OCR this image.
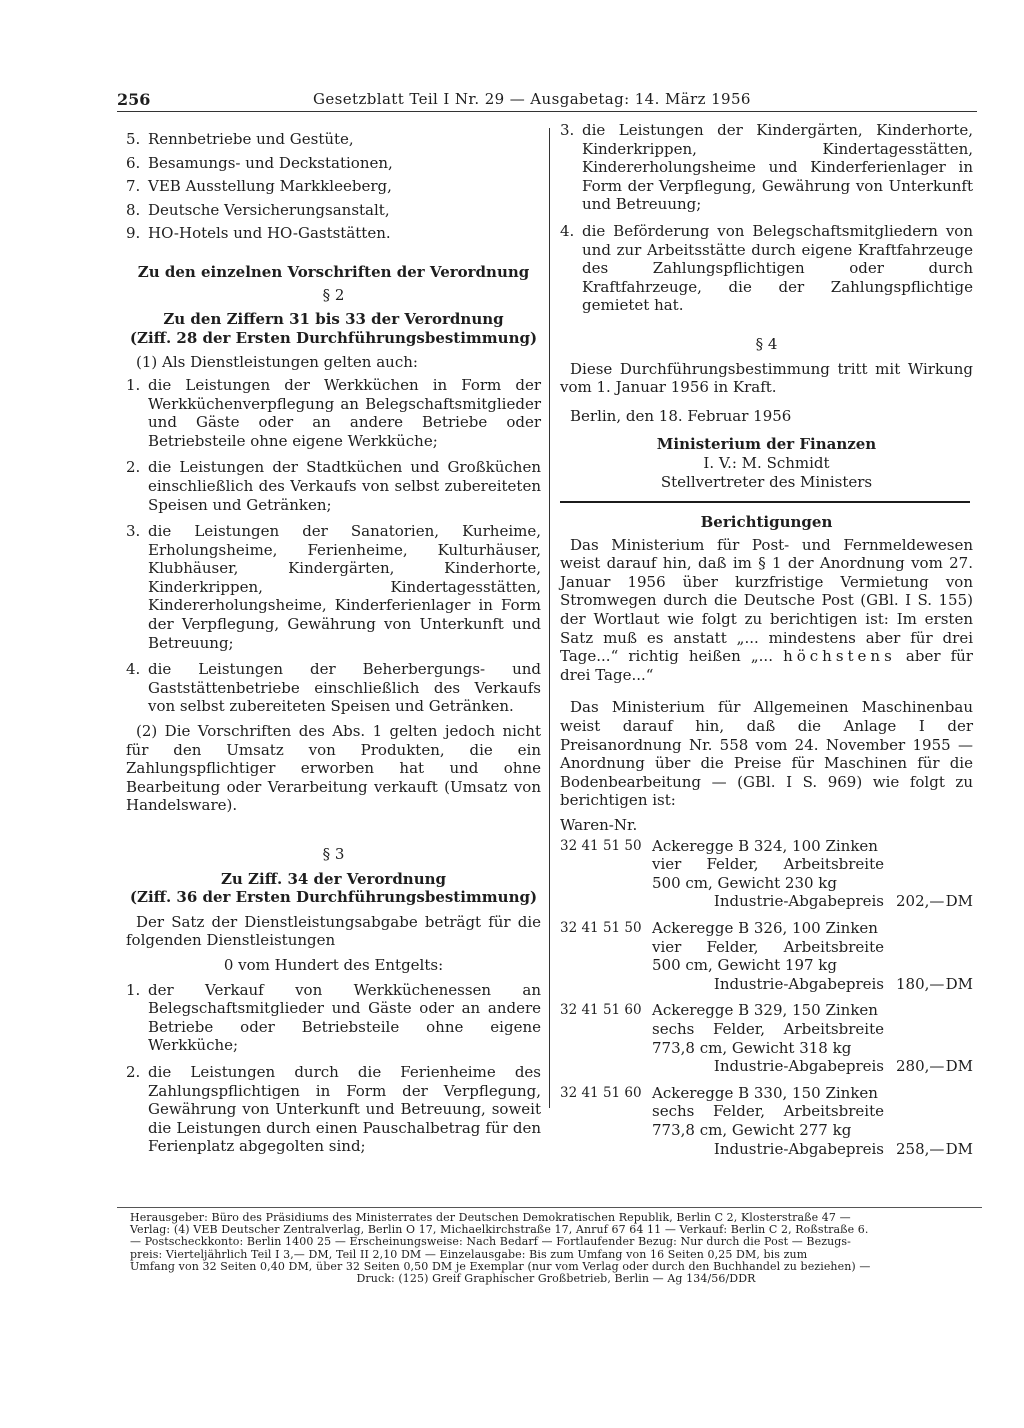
256	Gesetzblatt Teil I Nr. 29 — Ausgabetag: 14. März 1956
5. Rennbetriebe und Gestüte,
6. Besamungs- und Deckstationen,
7. VEB Ausstellung Markkleeberg,
8. Deutsche Versicherungsanstalt,
9. HO-Hotels und HO-Gaststätten.
Zu den einzelnen Vorschriften der Verordnung
§ 2
Zu den Ziffern 31 bis 33 der Verordnung
(Ziff. 28 der Ersten Durchführungsbestimmung)
(1) Als Dienstleistungen gelten auch:
1. die Leistungen der Werkküchen in Form der Werkküchenverpflegung an Belegschaftsmitglieder und Gäste oder an andere Betriebe oder Betriebsteile ohne eigene Werkküche;
2. die Leistungen der Stadtküchen und Großküchen einschließlich des Verkaufs von selbst zubereiteten Speisen und Getränken;
3. die Leistungen der Sanatorien, Kurheime, Erholungsheime, Ferienheime, Kulturhäuser, Klubhäuser, Kindergärten, Kinderhorte, Kinderkrippen, Kindertagesstätten, Kindererholungsheime, Kinderferienlager in Form der Verpflegung, Gewährung von Unterkunft und Betreuung;
4. die Leistungen der Beherbergungs- und Gaststättenbetriebe einschließlich des Verkaufs von selbst zubereiteten Speisen und Getränken.
(2) Die Vorschriften des Abs. 1 gelten jedoch nicht für den Umsatz von Produkten, die ein Zahlungspflichtiger erworben hat und ohne Bearbeitung oder Verarbeitung verkauft (Umsatz von Handelsware).
§ 3
Zu Ziff. 34 der Verordnung
(Ziff. 36 der Ersten Durchführungsbestimmung)
Der Satz der Dienstleistungsabgabe beträgt für die folgenden Dienstleistungen
0 vom Hundert des Entgelts:
1. der Verkauf von Werkküchenessen an Belegschaftsmitglieder und Gäste oder an andere Betriebe oder Betriebsteile ohne eigene Werkküche;
2. die Leistungen durch die Ferienheime des Zahlungspflichtigen in Form der Verpflegung, Gewährung von Unterkunft und Betreuung, soweit die Leistungen durch einen Pauschalbetrag für den Ferienplatz abgegolten sind;
3. die Leistungen der Kindergärten, Kinderhorte, Kinderkrippen, Kindertagesstätten, Kindererholungsheime und Kinderferienlager in Form der Verpflegung, Gewährung von Unterkunft und Betreuung;
4. die Beförderung von Belegschaftsmitgliedern von und zur Arbeitsstätte durch eigene Kraftfahrzeuge des Zahlungspflichtigen oder durch Kraftfahrzeuge, die der Zahlungspflichtige gemietet hat.
§ 4
Diese Durchführungsbestimmung tritt mit Wirkung vom 1. Januar 1956 in Kraft.
Berlin, den 18. Februar 1956
Ministerium der Finanzen
I. V.: M. Schmidt
Stellvertreter des Ministers
Berichtigungen
Das Ministerium für Post- und Fernmeldewesen weist darauf hin, daß im § 1 der Anordnung vom 27. Januar 1956 über kurzfristige Vermietung von Stromwegen durch die Deutsche Post (GBl. I S. 155) der Wortlaut wie folgt zu berichtigen ist: Im ersten Satz muß es anstatt „... mindestens aber für drei Tage...“ richtig heißen „... höchstens aber für drei Tage...“
Das Ministerium für Allgemeinen Maschinenbau weist darauf hin, daß die Anlage I der Preisanordnung Nr. 558 vom 24. November 1955 — Anordnung über die Preise für Maschinen für die Bodenbearbeitung — (GBl. I S. 969) wie folgt zu berichtigen ist:
Waren-Nr.
32 41 51 50 Ackeregge B 324, 100 Zinken
vier Felder, Arbeitsbreite
500 cm, Gewicht 230 kg
Industrie-Abgabepreis 202,— DM
32 41 51 50 Ackeregge B 326, 100 Zinken
vier Felder, Arbeitsbreite
500 cm, Gewicht 197 kg
Industrie-Abgabepreis 180,— DM
32 41 51 60 Ackeregge B 329, 150 Zinken
sechs Felder, Arbeitsbreite
773,8 cm, Gewicht 318 kg
Industrie-Abgabepreis 280,— DM
32 41 51 60 Ackeregge B 330, 150 Zinken
sechs Felder, Arbeitsbreite
773,8 cm, Gewicht 277 kg
Industrie-Abgabepreis 258,— DM
Herausgeber: Büro des Präsidiums des Ministerrates der Deutschen Demokratischen Republik, Berlin C 2, Klosterstraße 47 —
Verlag: (4) VEB Deutscher Zentralverlag, Berlin O 17, Michaelkirchstraße 17, Anruf 67 64 11 — Verkauf: Berlin C 2, Roßstraße 6.
— Postscheckkonto: Berlin 1400 25 — Erscheinungsweise: Nach Bedarf — Fortlaufender Bezug: Nur durch die Post — Bezugs-
preis: Vierteljährlich Teil I 3,— DM, Teil II 2,10 DM — Einzelausgabe: Bis zum Umfang von 16 Seiten 0,25 DM, bis zum
Umfang von 32 Seiten 0,40 DM, über 32 Seiten 0,50 DM je Exemplar (nur vom Verlag oder durch den Buchhandel zu beziehen) —
Druck: (125) Greif Graphischer Großbetrieb, Berlin — Ag 134/56/DDR
